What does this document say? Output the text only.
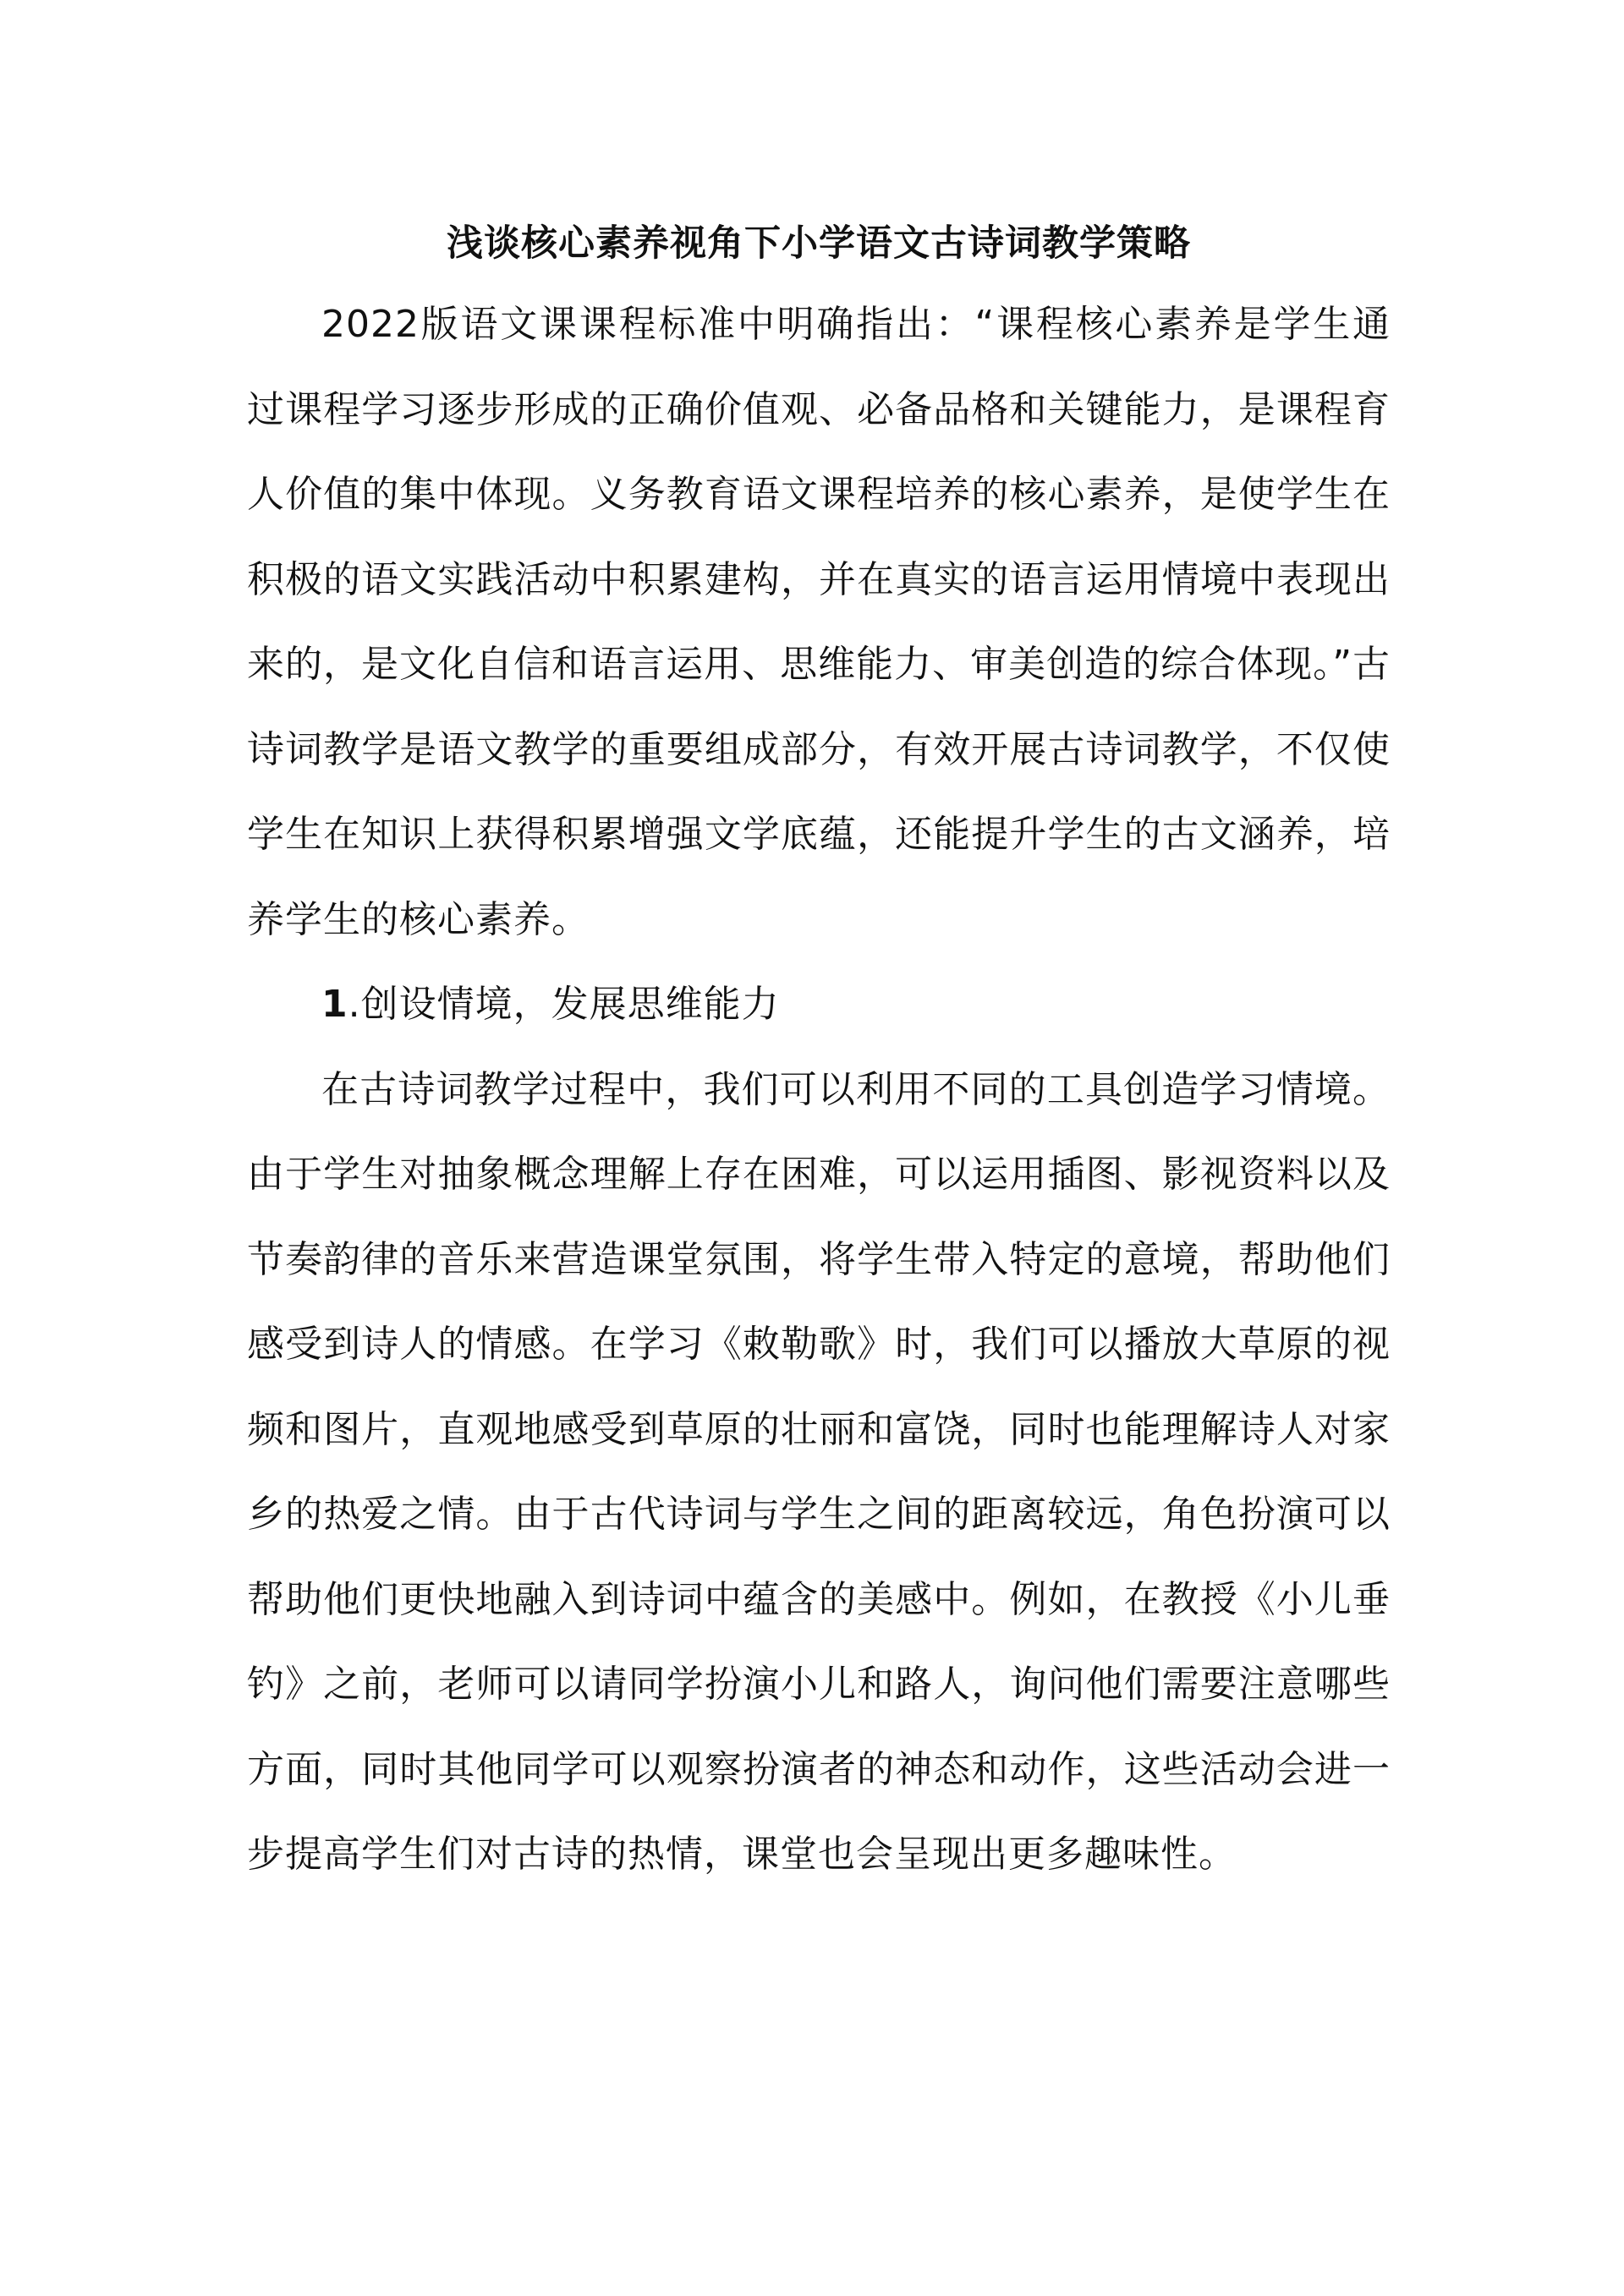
浅谈核心素养视角下小学语文古诗词教学策略

2022版语文课课程标准中明确指出：“课程核心素养是学生通过课程学习逐步形成的正确价值观、必备品格和关键能力，是课程育人价值的集中体现。义务教育语文课程培养的核心素养，是使学生在积极的语文实践活动中积累建构，并在真实的语言运用情境中表现出来的，是文化自信和语言运用、思维能力、审美创造的综合体现。”古诗词教学是语文教学的重要组成部分，有效开展古诗词教学，不仅使学生在知识上获得积累增强文学底蕴，还能提升学生的古文涵养，培养学生的核心素养。

1.创设情境，发展思维能力

在古诗词教学过程中，我们可以利用不同的工具创造学习情境。由于学生对抽象概念理解上存在困难，可以运用插图、影视资料以及节奏韵律的音乐来营造课堂氛围，将学生带入特定的意境，帮助他们感受到诗人的情感。在学习《敕勒歌》时，我们可以播放大草原的视频和图片，直观地感受到草原的壮丽和富饶，同时也能理解诗人对家乡的热爱之情。由于古代诗词与学生之间的距离较远，角色扮演可以帮助他们更快地融入到诗词中蕴含的美感中。例如，在教授《小儿垂钓》之前，老师可以请同学扮演小儿和路人，询问他们需要注意哪些方面，同时其他同学可以观察扮演者的神态和动作，这些活动会进一步提高学生们对古诗的热情，课堂也会呈现出更多趣味性。
